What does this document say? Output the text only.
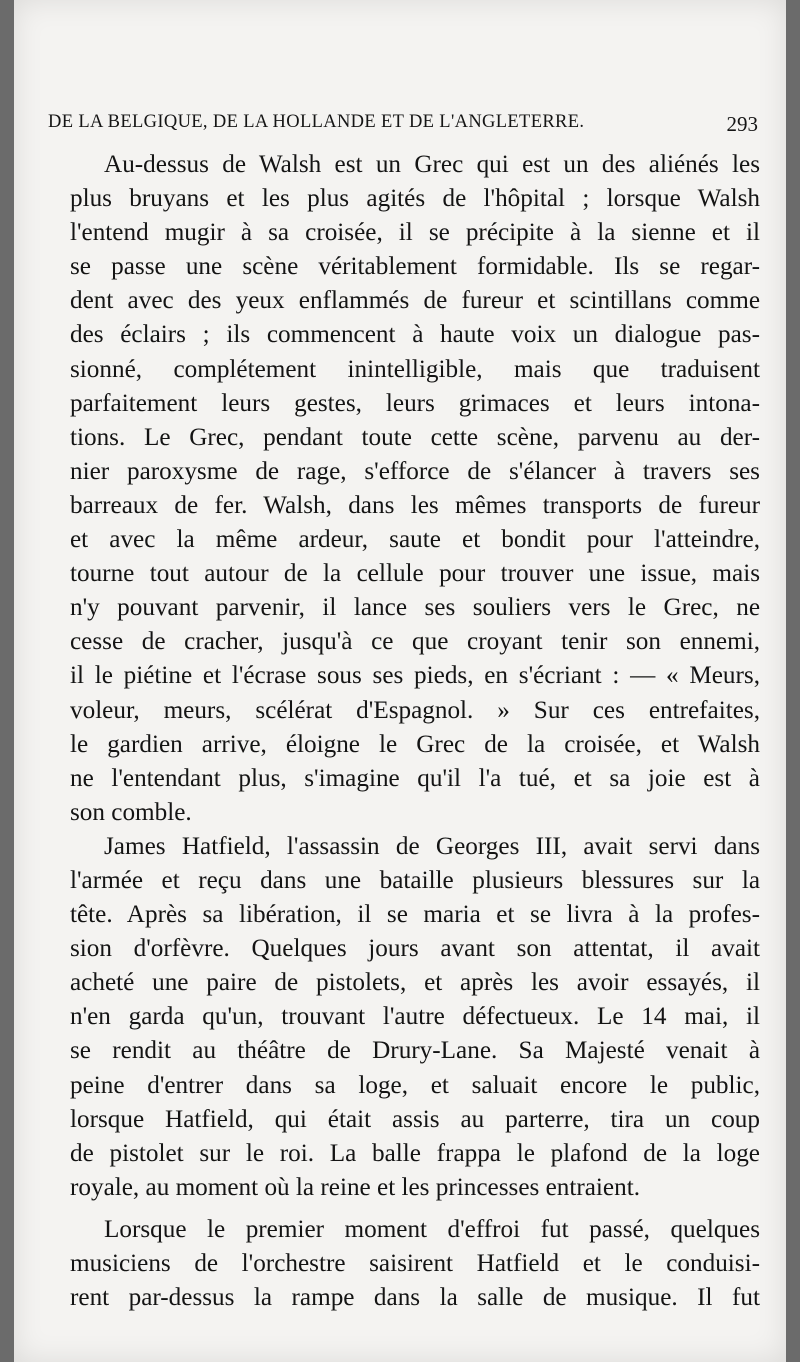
DE LA BELGIQUE, DE LA HOLLANDE ET DE L'ANGLETERRE.	293
Au-dessus de Walsh est un Grec qui est un des aliénés les
plus bruyans et les plus agités de l'hôpital ; lorsque Walsh
l'entend mugir à sa croisée, il se précipite à la sienne et il
se passe une scène véritablement formidable. Ils se regar-
dent avec des yeux enflammés de fureur et scintillans comme
des éclairs ; ils commencent à haute voix un dialogue pas-
sionné, complétement inintelligible, mais que traduisent
parfaitement leurs gestes, leurs grimaces et leurs intona-
tions. Le Grec, pendant toute cette scène, parvenu au der-
nier paroxysme de rage, s'efforce de s'élancer à travers ses
barreaux de fer. Walsh, dans les mêmes transports de fureur
et avec la même ardeur, saute et bondit pour l'atteindre,
tourne tout autour de la cellule pour trouver une issue, mais
n'y pouvant parvenir, il lance ses souliers vers le Grec, ne
cesse de cracher, jusqu'à ce que croyant tenir son ennemi,
il le piétine et l'écrase sous ses pieds, en s'écriant : — « Meurs,
voleur, meurs, scélérat d'Espagnol. » Sur ces entrefaites,
le gardien arrive, éloigne le Grec de la croisée, et Walsh
ne l'entendant plus, s'imagine qu'il l'a tué, et sa joie est à
son comble.
James Hatfield, l'assassin de Georges III, avait servi dans
l'armée et reçu dans une bataille plusieurs blessures sur la
tête. Après sa libération, il se maria et se livra à la profes-
sion d'orfèvre. Quelques jours avant son attentat, il avait
acheté une paire de pistolets, et après les avoir essayés, il
n'en garda qu'un, trouvant l'autre défectueux. Le 14 mai, il
se rendit au théâtre de Drury-Lane. Sa Majesté venait à
peine d'entrer dans sa loge, et saluait encore le public,
lorsque Hatfield, qui était assis au parterre, tira un coup
de pistolet sur le roi. La balle frappa le plafond de la loge
royale, au moment où la reine et les princesses entraient.
Lorsque le premier moment d'effroi fut passé, quelques
musiciens de l'orchestre saisirent Hatfield et le conduisi-
rent par-dessus la rampe dans la salle de musique. Il fut
